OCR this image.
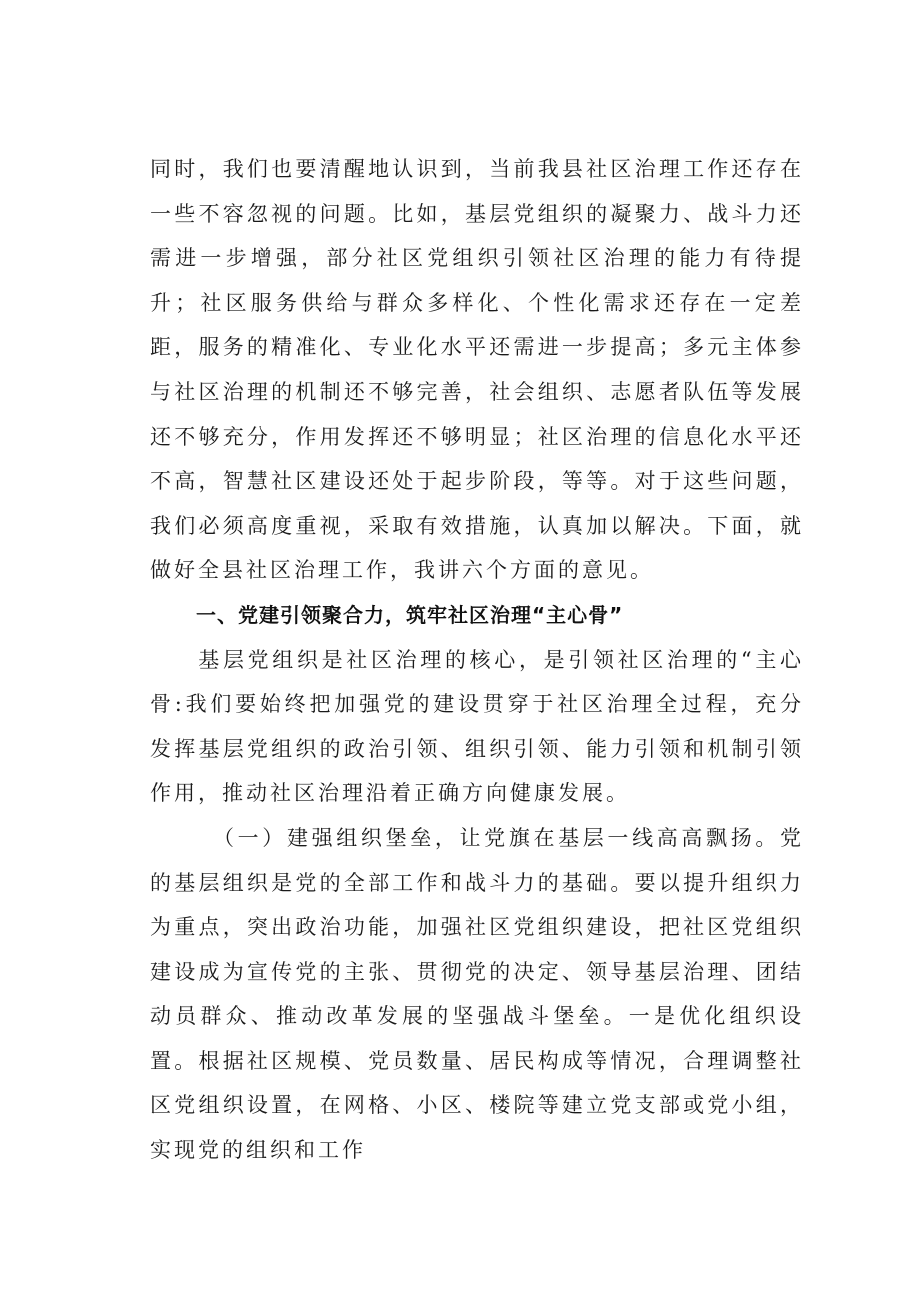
同时，我们也要清醒地认识到，当前我县社区治理工作还存在一些不容忽视的问题。比如，基层党组织的凝聚力、战斗力还需进一步增强，部分社区党组织引领社区治理的能力有待提升；社区服务供给与群众多样化、个性化需求还存在一定差距，服务的精准化、专业化水平还需进一步提高；多元主体参与社区治理的机制还不够完善，社会组织、志愿者队伍等发展还不够充分，作用发挥还不够明显；社区治理的信息化水平还不高，智慧社区建设还处于起步阶段，等等。对于这些问题，我们必须高度重视，采取有效措施，认真加以解决。下面，就做好全县社区治理工作，我讲六个方面的意见。

一、党建引领聚合力，筑牢社区治理“主心骨”

基层党组织是社区治理的核心，是引领社区治理的“主心骨:我们要始终把加强党的建设贯穿于社区治理全过程，充分发挥基层党组织的政治引领、组织引领、能力引领和机制引领作用，推动社区治理沿着正确方向健康发展。

（一）建强组织堡垒，让党旗在基层一线高高飘扬。党的基层组织是党的全部工作和战斗力的基础。要以提升组织力为重点，突出政治功能，加强社区党组织建设，把社区党组织建设成为宣传党的主张、贯彻党的决定、领导基层治理、团结动员群众、推动改革发展的坚强战斗堡垒。一是优化组织设置。根据社区规模、党员数量、居民构成等情况，合理调整社区党组织设置，在网格、小区、楼院等建立党支部或党小组，实现党的组织和工作
